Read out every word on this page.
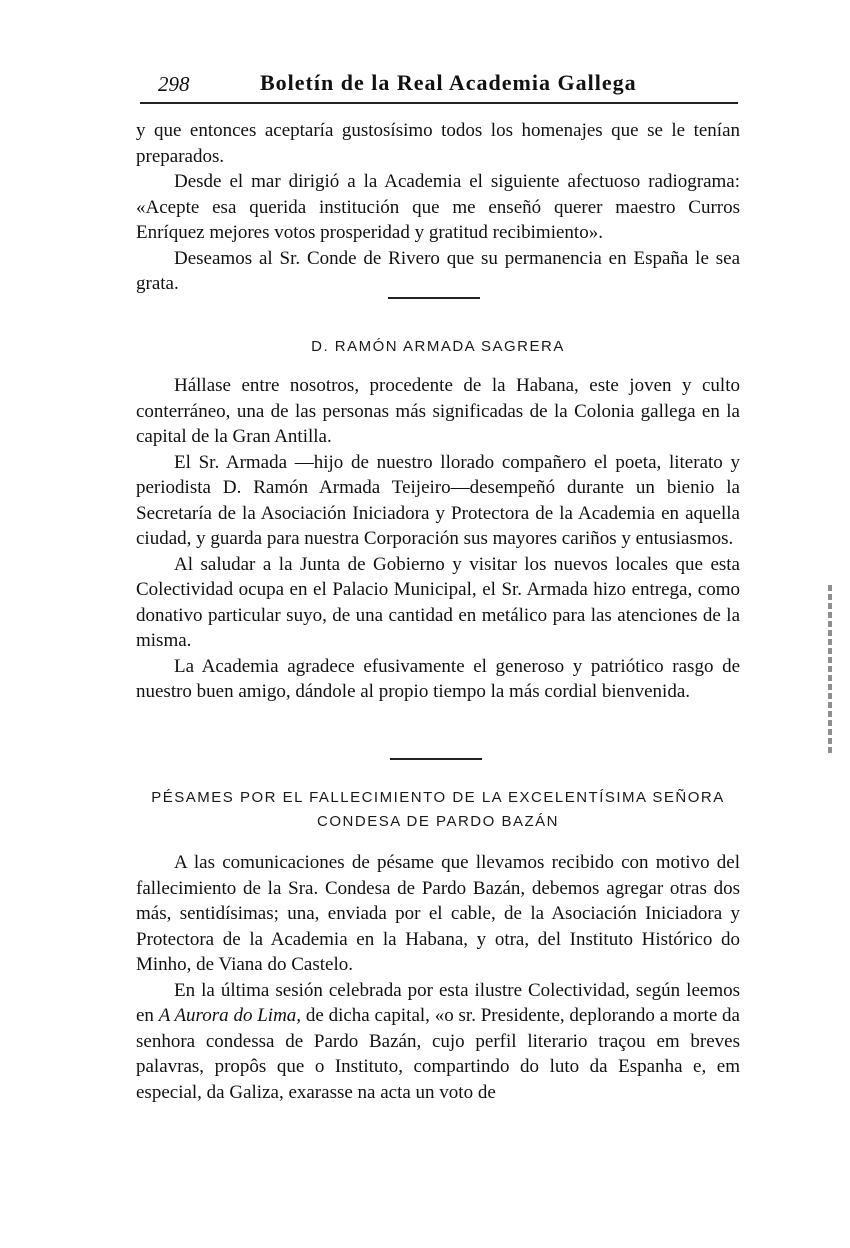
298	Boletín de la Real Academia Gallega

y que entonces aceptaría gustosísimo todos los homenajes que se le tenían preparados.

Desde el mar dirigió a la Academia el siguiente afectuoso radiograma: «Acepte esa querida institución que me enseñó querer maestro Curros Enríquez mejores votos prosperidad y gratitud recibimiento».

Deseamos al Sr. Conde de Rivero que su permanencia en España le sea grata.

D. RAMÓN ARMADA SAGRERA

Hállase entre nosotros, procedente de la Habana, este joven y culto conterráneo, una de las personas más significadas de la Colonia gallega en la capital de la Gran Antilla.

El Sr. Armada —hijo de nuestro llorado compañero el poeta, literato y periodista D. Ramón Armada Teijeiro—desempeñó durante un bienio la Secretaría de la Asociación Iniciadora y Protectora de la Academia en aquella ciudad, y guarda para nuestra Corporación sus mayores cariños y entusiasmos.

Al saludar a la Junta de Gobierno y visitar los nuevos locales que esta Colectividad ocupa en el Palacio Municipal, el Sr. Armada hizo entrega, como donativo particular suyo, de una cantidad en metálico para las atenciones de la misma.

La Academia agradece efusivamente el generoso y patriótico rasgo de nuestro buen amigo, dándole al propio tiempo la más cordial bienvenida.

PÉSAMES POR EL FALLECIMIENTO DE LA EXCELENTÍSIMA SEÑORA
CONDESA DE PARDO BAZÁN

A las comunicaciones de pésame que llevamos recibido con motivo del fallecimiento de la Sra. Condesa de Pardo Bazán, debemos agregar otras dos más, sentidísimas; una, enviada por el cable, de la Asociación Iniciadora y Protectora de la Academia en la Habana, y otra, del Instituto Histórico do Minho, de Viana do Castelo.

En la última sesión celebrada por esta ilustre Colectividad, según leemos en A Aurora do Lima, de dicha capital, «o sr. Presidente, deplorando a morte da senhora condessa de Pardo Bazán, cujo perfil literario traçou em breves palavras, propôs que o Instituto, compartindo do luto da Espanha e, em especial, da Galiza, exarasse na acta un voto de
